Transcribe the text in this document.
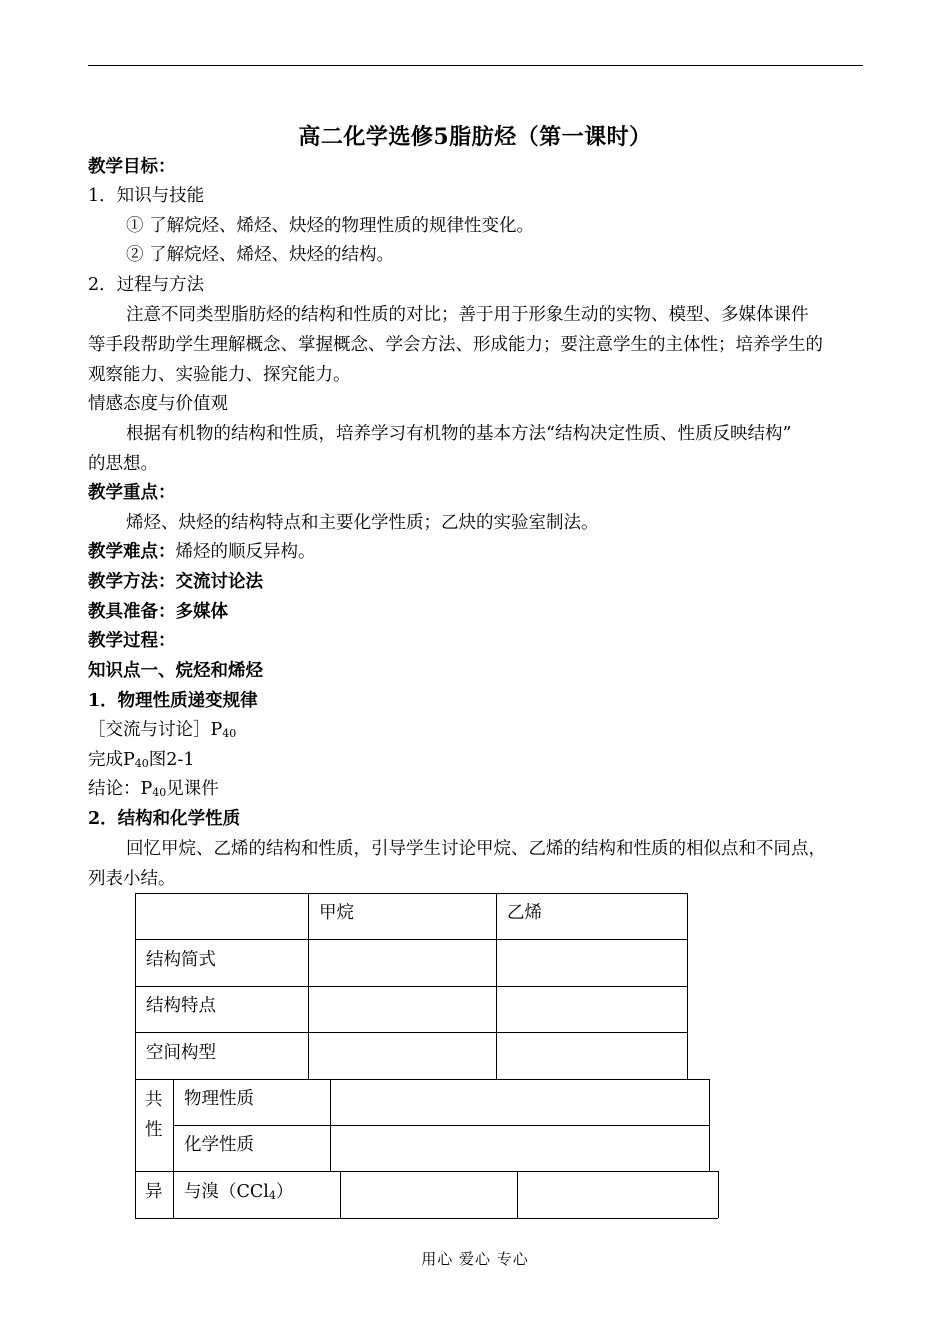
高二化学选修5脂肪烃（第一课时）
教学目标：
1．知识与技能
① 了解烷烃、烯烃、炔烃的物理性质的规律性变化。
② 了解烷烃、烯烃、炔烃的结构。
2．过程与方法
注意不同类型脂肪烃的结构和性质的对比；善于用于形象生动的实物、模型、多媒体课件
等手段帮助学生理解概念、掌握概念、学会方法、形成能力；要注意学生的主体性；培养学生的
观察能力、实验能力、探究能力。
情感态度与价值观
根据有机物的结构和性质，培养学习有机物的基本方法“结构决定性质、性质反映结构”
的思想。
教学重点：
烯烃、炔烃的结构特点和主要化学性质；乙炔的实验室制法。
教学难点：烯烃的顺反异构。
教学方法：交流讨论法
教具准备：多媒体
教学过程：
知识点一、烷烃和烯烃
1．物理性质递变规律
［交流与讨论$]P_{40}$
完成$P_{40}$图2-1
结论：$P_{40}$见课件
2．结构和化学性质
回忆甲烷、乙烯的结构和性质，引导学生讨论甲烷、乙烯的结构和性质的相似点和不同点，
列表小结。
甲烷	乙烯
结构简式
结构特点
空间构型
共
性
物理性质
化学性质
异	与溴（CCl$_4$）
用心 爱心 专心
